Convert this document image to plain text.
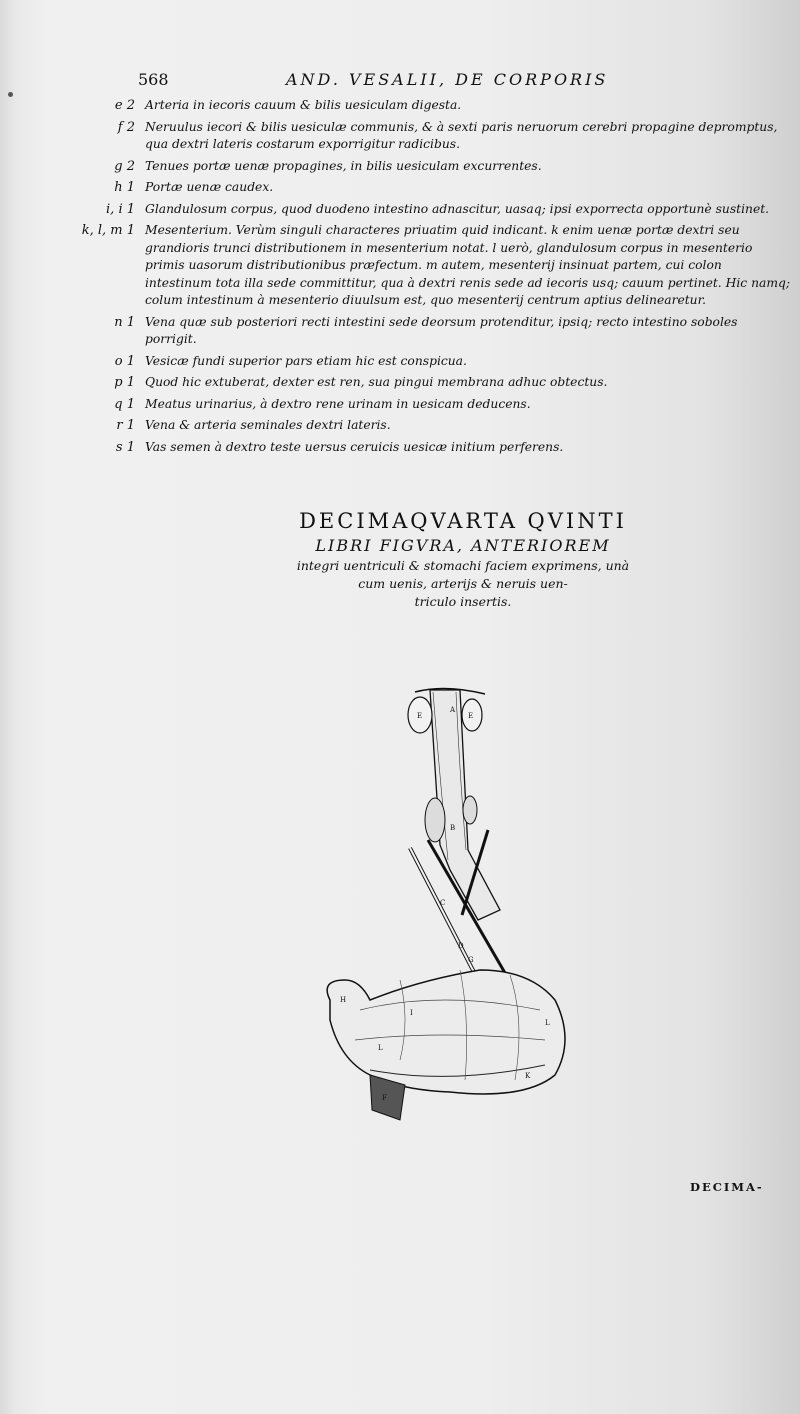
568	AND. VESALII, DE CORPORIS
e 2 Arteria in iecoris cauum & bilis uesiculam digesta.
f 2 Neruulus iecori & bilis uesiculæ communis, & à sexti paris neruorum cerebri propagine depromptus, qua dextri lateris costarum exporrigitur radicibus.
g 2 Tenues portæ uenæ propagines, in bilis uesiculam excurrentes.
h 1 Portæ uenæ caudex.
i, i 1 Glandulosum corpus, quod duodeno intestino adnascitur, uasaq; ipsi exporrecta opportunè sustinet.
k, l, m 1 Mesenterium. Verùm singuli characteres priuatim quid indicant. k enim uenæ portæ dextri seu grandioris trunci distributionem in mesenterium notat. l uerò, glandulosum corpus in mesenterio primis uasorum distributionibus præfectum. m autem, mesenterij insinuat partem, cui colon intestinum tota illa sede committitur, qua à dextri renis sede ad iecoris usq; cauum pertinet. Hic namq; colum intestinum à mesenterio diuulsum est, quo mesenterij centrum aptius delinearetur.
n 1 Vena quæ sub posteriori recti intestini sede deorsum protenditur, ipsiq; recto intestino soboles porrigit.
o 1 Vesicæ fundi superior pars etiam hic est conspicua.
p 1 Quod hic extuberat, dexter est ren, sua pingui membrana adhuc obtectus.
q 1 Meatus urinarius, à dextro rene urinam in uesicam deducens.
r 1 Vena & arteria seminales dextri lateris.
s 1 Vas semen à dextro teste uersus ceruicis uesicæ initium perferens.
DECIMAQVARTA QVINTI
LIBRI FIGVRA, ANTERIOREM
integri uentriculi & stomachi faciem exprimens, unà
cum uenis, arterijs & neruis uen-
triculo insertis.
A
E	E
B
C
D
G
H
I
L
L
K
F
DECIMA-
